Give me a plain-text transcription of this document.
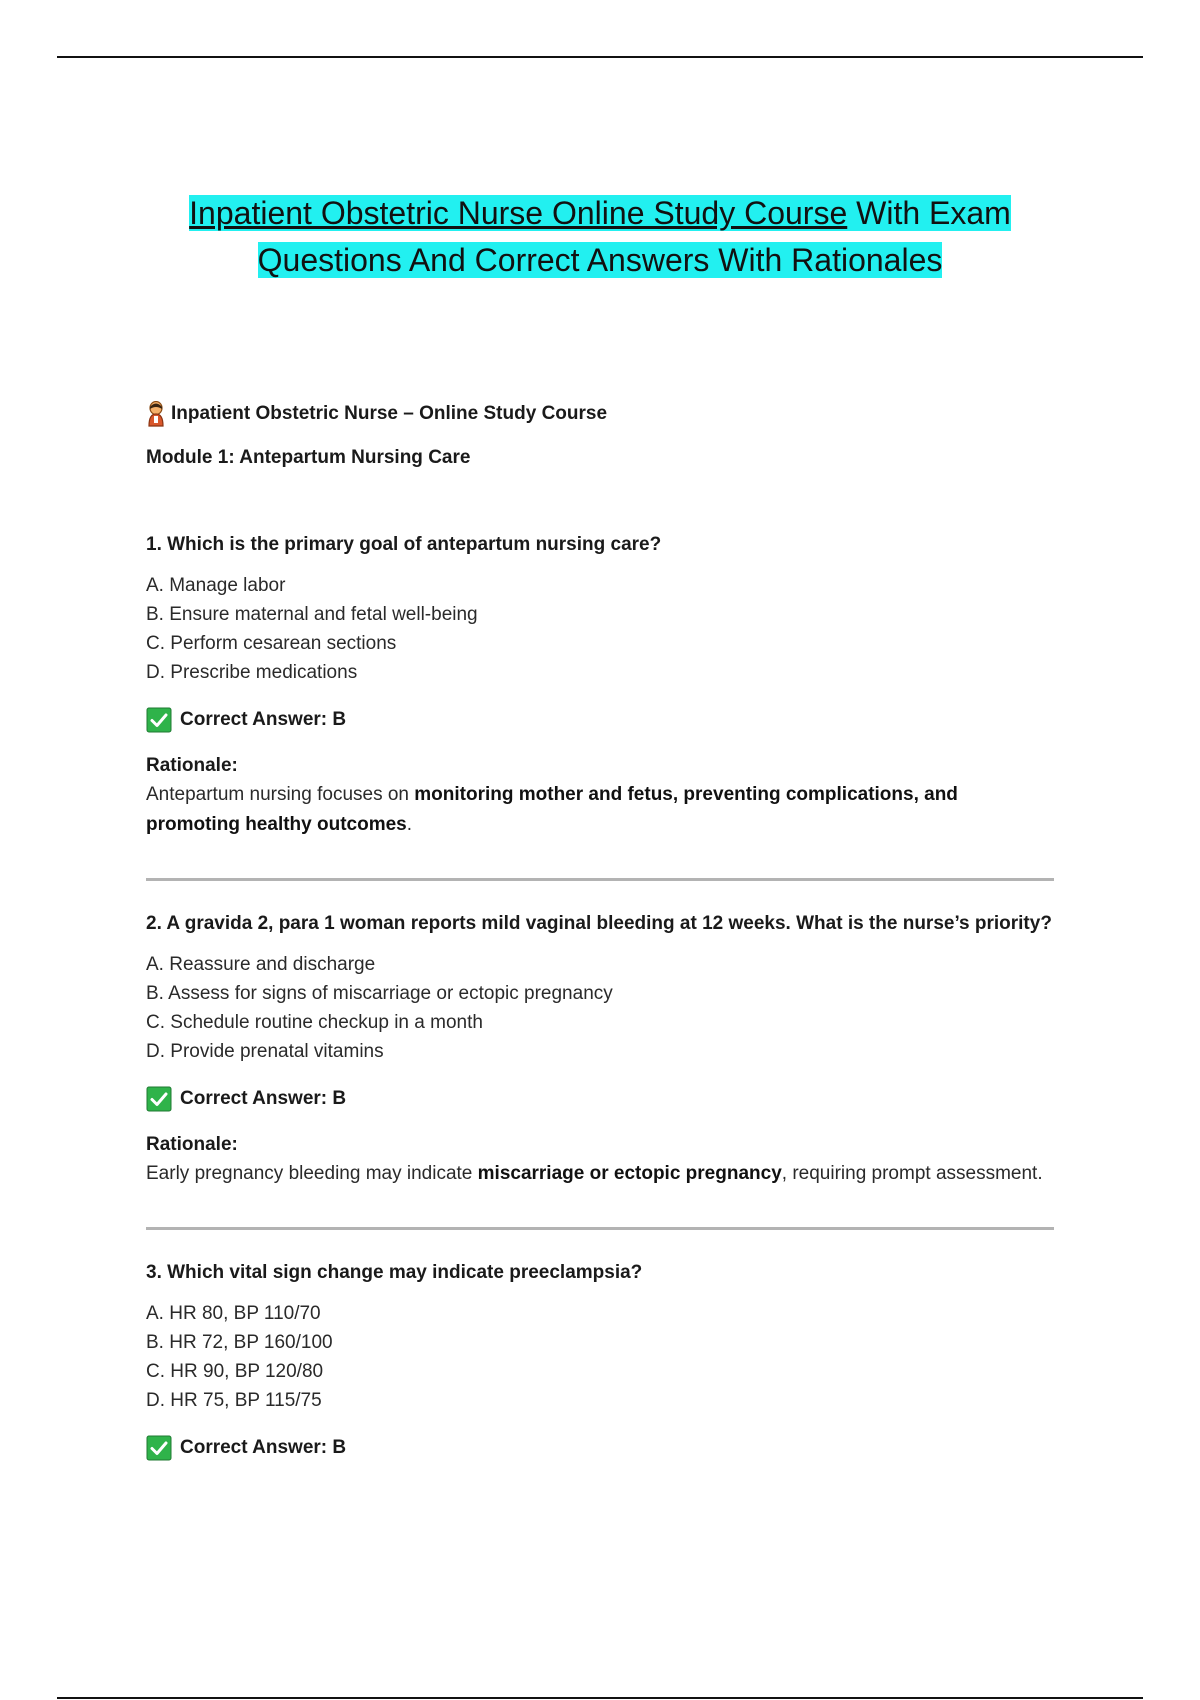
Inpatient Obstetric Nurse Online Study Course With Exam
Questions And Correct Answers With Rationales
Inpatient Obstetric Nurse – Online Study Course
Module 1: Antepartum Nursing Care
1. Which is the primary goal of antepartum nursing care?
A. Manage labor
B. Ensure maternal and fetal well-being
C. Perform cesarean sections
D. Prescribe medications
Correct Answer: B
Rationale:
Antepartum nursing focuses on monitoring mother and fetus, preventing complications, and promoting healthy outcomes.
2. A gravida 2, para 1 woman reports mild vaginal bleeding at 12 weeks. What is the nurse’s priority?
A. Reassure and discharge
B. Assess for signs of miscarriage or ectopic pregnancy
C. Schedule routine checkup in a month
D. Provide prenatal vitamins
Correct Answer: B
Rationale:
Early pregnancy bleeding may indicate miscarriage or ectopic pregnancy, requiring prompt assessment.
3. Which vital sign change may indicate preeclampsia?
A. HR 80, BP 110/70
B. HR 72, BP 160/100
C. HR 90, BP 120/80
D. HR 75, BP 115/75
Correct Answer: B
